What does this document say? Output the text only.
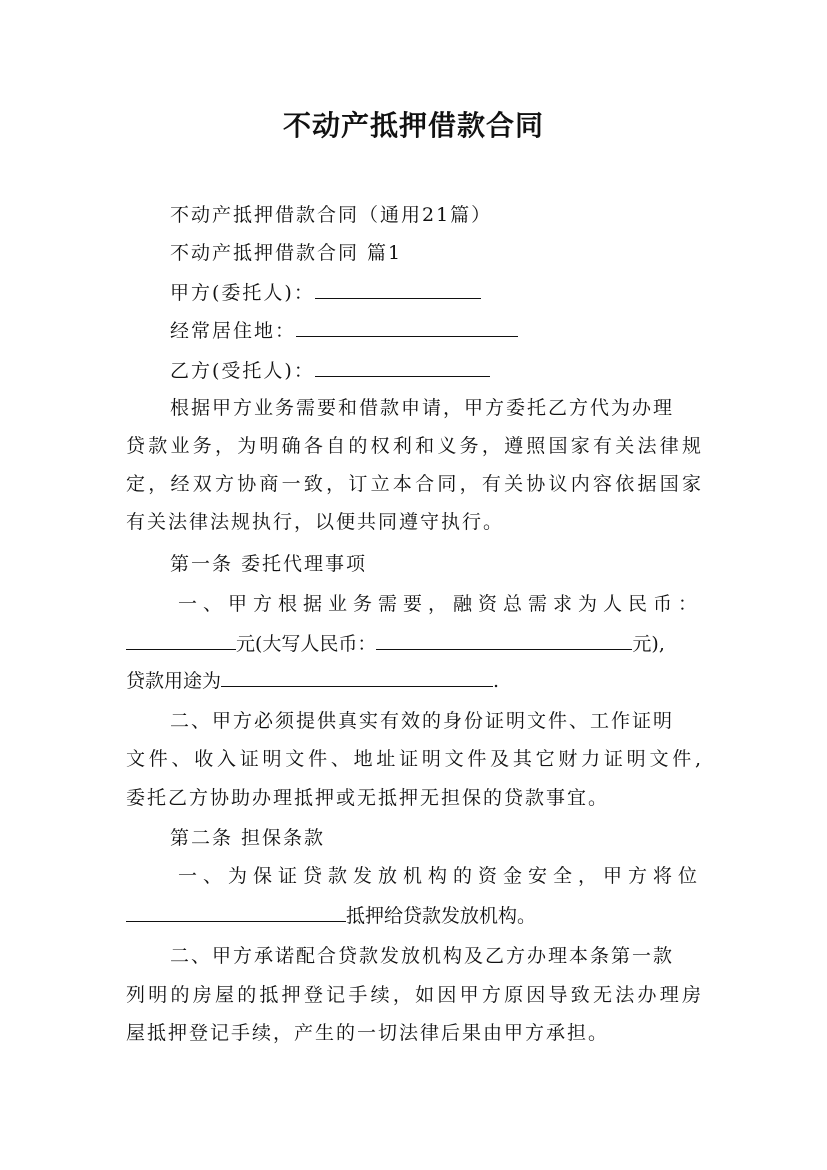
不动产抵押借款合同
不动产抵押借款合同（通用21篇）
不动产抵押借款合同 篇1
甲方(委托人)：
经常居住地：
乙方(受托人)：
根据甲方业务需要和借款申请，甲方委托乙方代为办理
贷款业务，为明确各自的权利和义务，遵照国家有关法律规
定，经双方协商一致，订立本合同，有关协议内容依据国家
有关法律法规执行，以便共同遵守执行。
第一条 委托代理事项
一、甲方根据业务需要，融资总需求为人民币：
元(大写人民币：	元),
贷款用途为	.
二、甲方必须提供真实有效的身份证明文件、工作证明
文件、收入证明文件、地址证明文件及其它财力证明文件,
委托乙方协助办理抵押或无抵押无担保的贷款事宜。
第二条 担保条款
一、为保证贷款发放机构的资金安全，甲方将位
抵押给贷款发放机构。
二、甲方承诺配合贷款发放机构及乙方办理本条第一款
列明的房屋的抵押登记手续，如因甲方原因导致无法办理房
屋抵押登记手续，产生的一切法律后果由甲方承担。
